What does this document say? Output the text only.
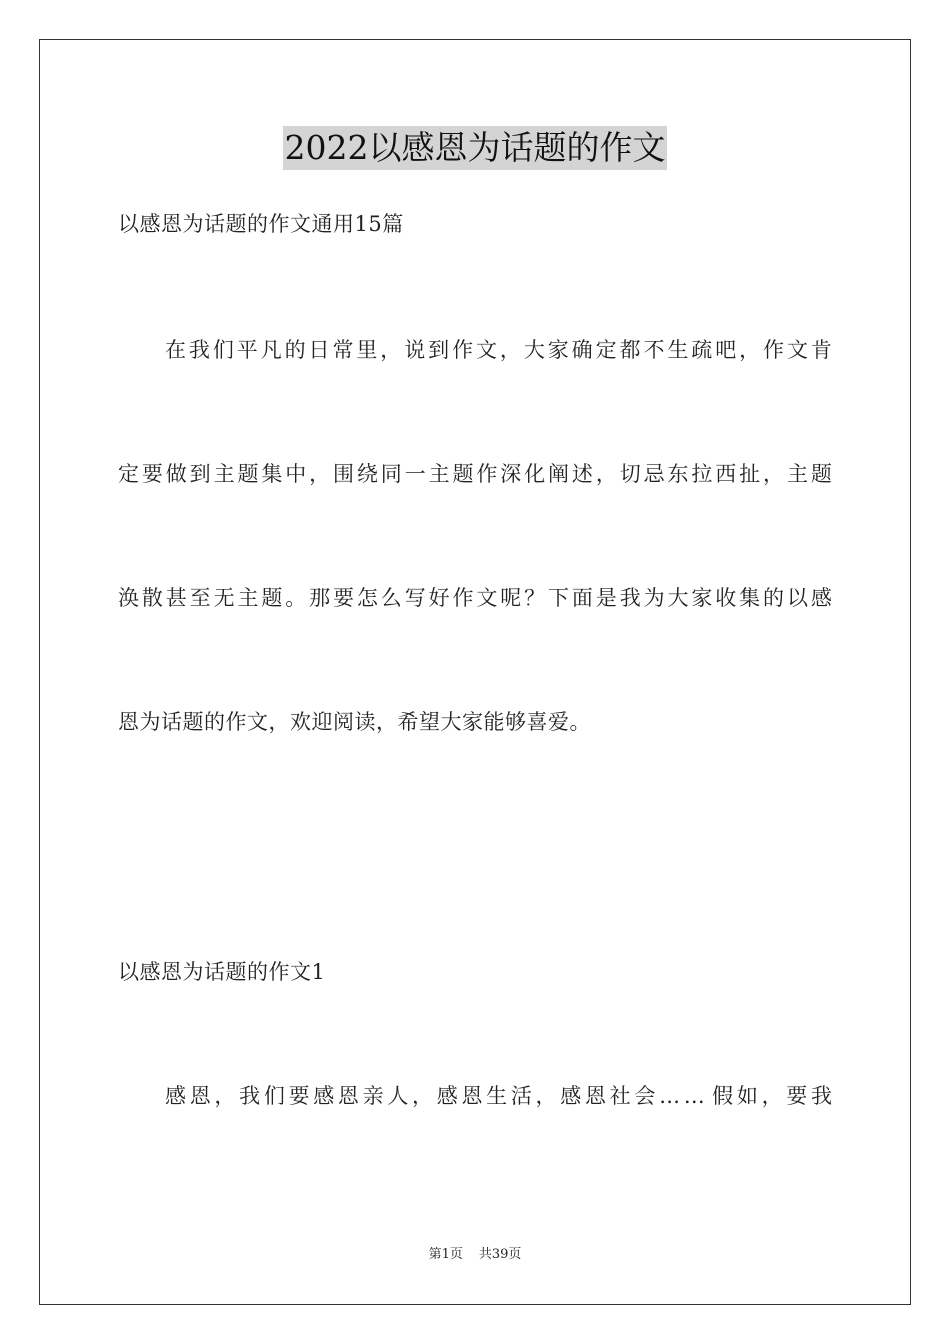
2022以感恩为话题的作文
以感恩为话题的作文通用15篇
在 我 们 平 凡 的 日 常 里 ， 说 到 作 文 ， 大 家 确 定 都 不 生 疏 吧 ， 作 文 肯
定 要 做 到 主 题 集 中 ， 围 绕 同 一 主 题 作 深 化 阐 述 ， 切 忌 东 拉 西 扯 ， 主 题
涣 散 甚 至 无 主 题 。 那 要 怎 么 写 好 作 文 呢 ？ 下 面 是 我 为 大 家 收 集 的 以 感
恩为话题的作文，欢迎阅读，希望大家能够喜爱。
以感恩为话题的作文1
感 恩 ， 我 们 要 感 恩 亲 人 ， 感 恩 生 活 ， 感 恩 社 会 … … 假 如 ， 要 我
第1页 共39页
